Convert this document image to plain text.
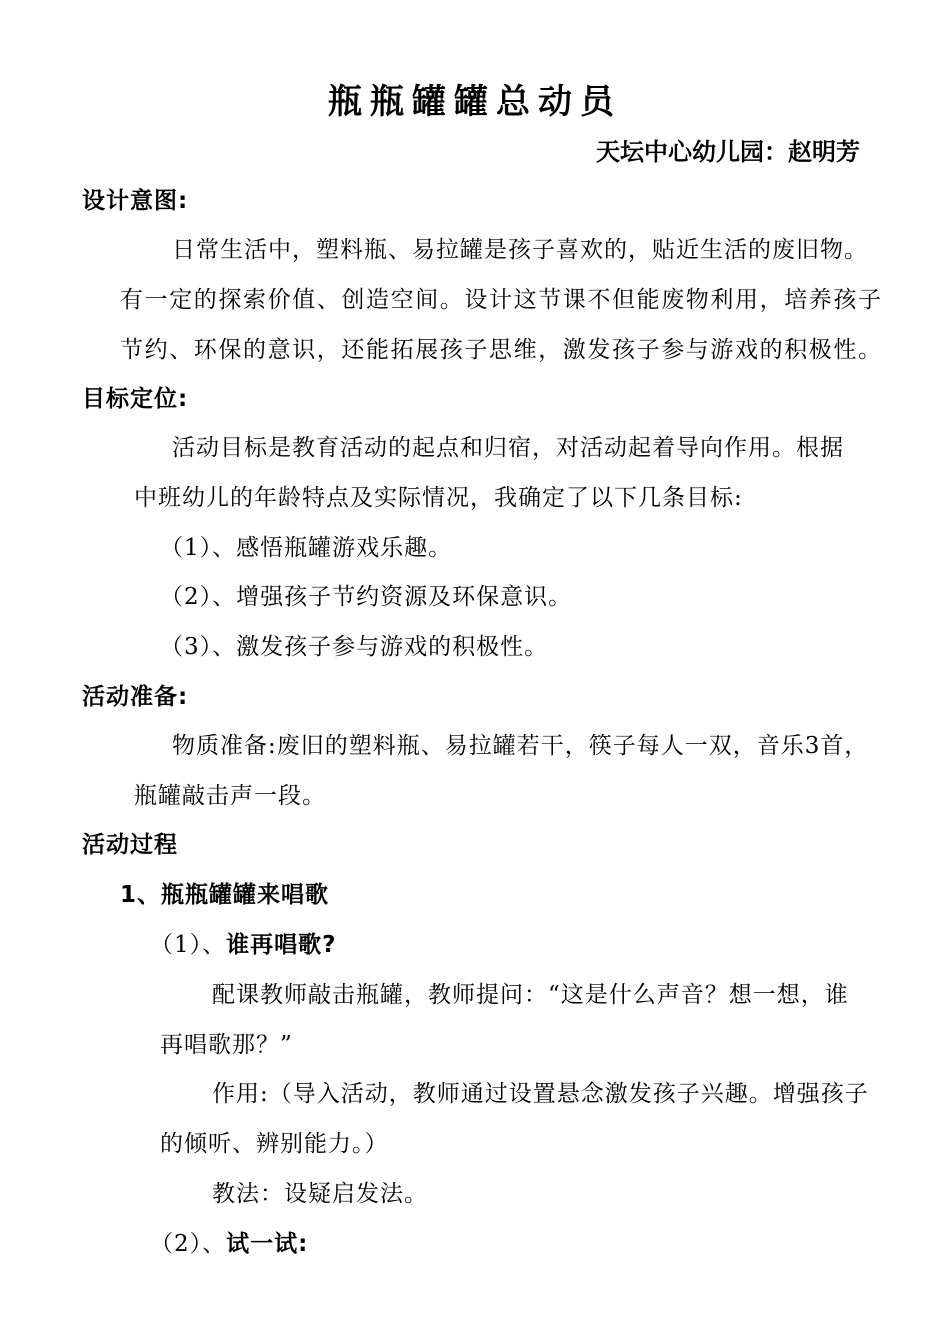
瓶瓶罐罐总动员
天坛中心幼儿园：赵明芳
设计意图:
日常生活中，塑料瓶、易拉罐是孩子喜欢的，贴近生活的废旧物。
有一定的探索价值、创造空间。设计这节课不但能废物利用，培养孩子
节约、环保的意识，还能拓展孩子思维，激发孩子参与游戏的积极性。
目标定位:
活动目标是教育活动的起点和归宿，对活动起着导向作用。根据
中班幼儿的年龄特点及实际情况，我确定了以下几条目标:
（1）、感悟瓶罐游戏乐趣。
（2）、增强孩子节约资源及环保意识。
（3）、激发孩子参与游戏的积极性。
活动准备:
物质准备:废旧的塑料瓶、易拉罐若干，筷子每人一双，音乐3首，
瓶罐敲击声一段。
活动过程
1、瓶瓶罐罐来唱歌
（1）、谁再唱歌?
配课教师敲击瓶罐，教师提问：“这是什么声音？想一想，谁
再唱歌那？”
作用:（导入活动，教师通过设置悬念激发孩子兴趣。增强孩子
的倾听、辨别能力。）
教法：设疑启发法。
（2）、试一试:
